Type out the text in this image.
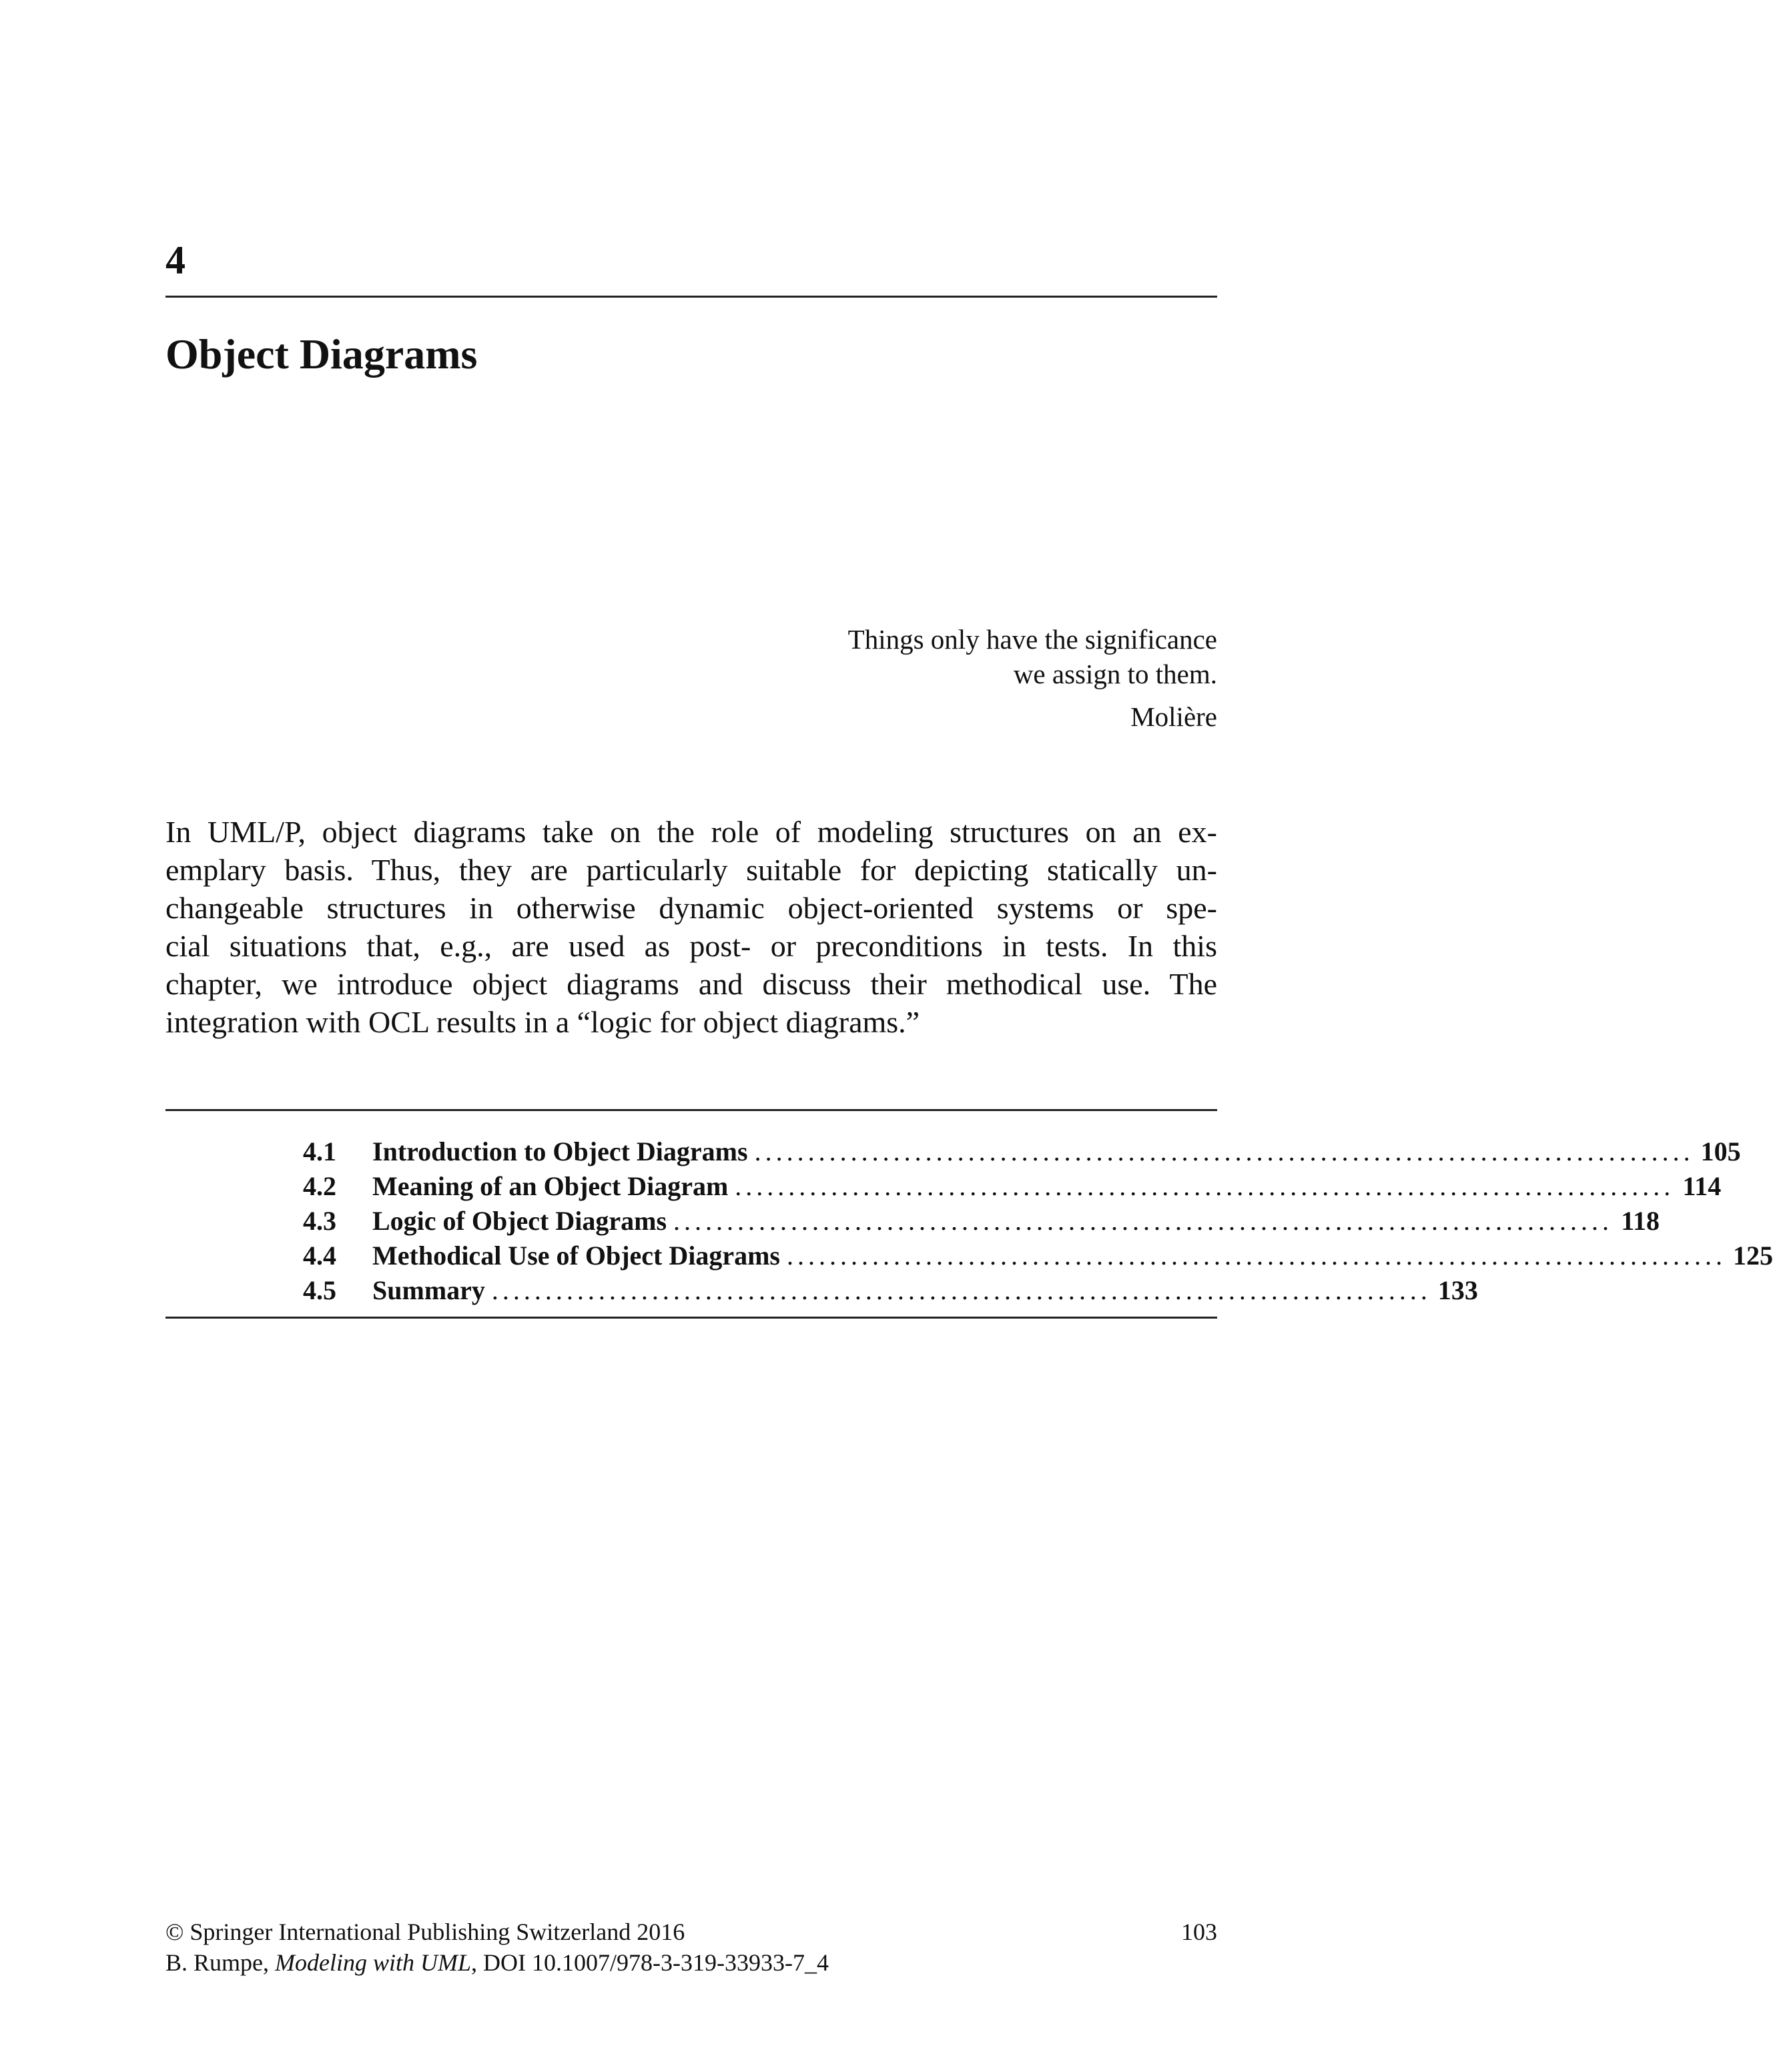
4
Object Diagrams
Things only have the significance
we assign to them.
Molière

In UML/P, object diagrams take on the role of modeling structures on an ex-
emplary basis. Thus, they are particularly suitable for depicting statically un-
changeable structures in otherwise dynamic object-oriented systems or spe-
cial situations that, e.g., are used as post- or preconditions in tests. In this
chapter, we introduce object diagrams and discuss their methodical use. The
integration with OCL results in a “logic for object diagrams.”

4.1	Introduction to Object Diagrams ........................................................................................ 105
4.2	Meaning of an Object Diagram ........................................................................................ 114
4.3	Logic of Object Diagrams ........................................................................................ 118
4.4	Methodical Use of Object Diagrams ........................................................................................ 125
4.5	Summary ........................................................................................ 133
© Springer International Publishing Switzerland 2016	103
B. Rumpe, Modeling with UML, DOI 10.1007/978-3-319-33933-7_4
